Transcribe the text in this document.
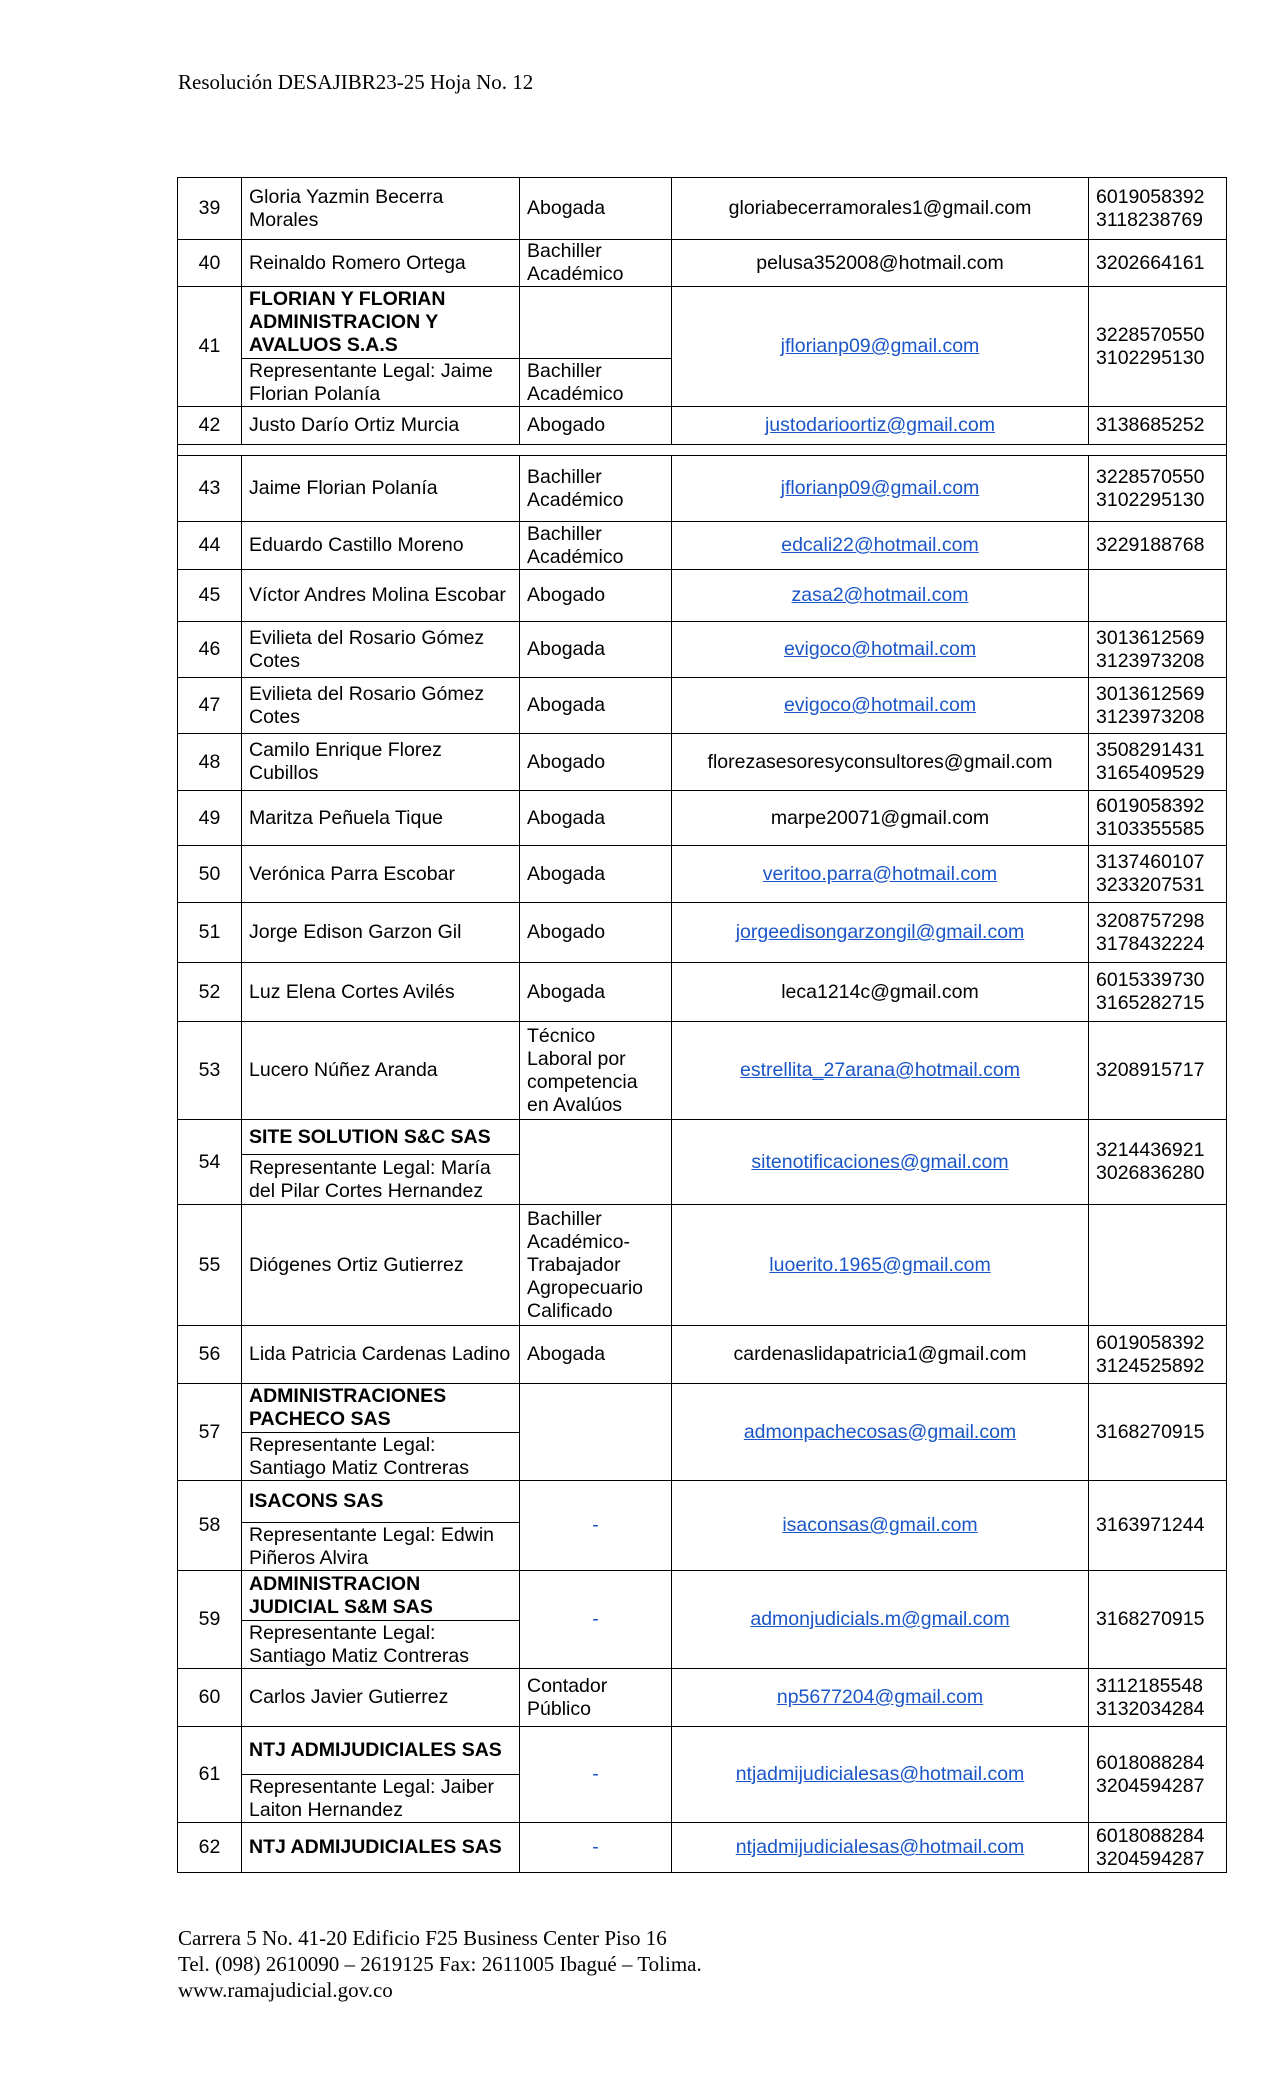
Resolución DESAJIBR23-25 Hoja No. 12
39	Gloria Yazmin Becerra Morales	Abogada	gloriabecerramorales1@gmail.com	6019058392
3118238769
40	Reinaldo Romero Ortega	Bachiller
Académico	pelusa352008@hotmail.com	3202664161
41	FLORIAN Y FLORIAN ADMINISTRACION Y AVALUOS S.A.S		jflorianp09@gmail.com	3228570550
3102295130
	Representante Legal: Jaime Florian Polanía	Bachiller
Académico		
42	Justo Darío Ortiz Murcia	Abogado	justodarioortiz@gmail.com	3138685252

43	Jaime Florian Polanía	Bachiller
Académico	jflorianp09@gmail.com	3228570550
3102295130
44	Eduardo Castillo Moreno	Bachiller
Académico	edcali22@hotmail.com	3229188768
45	Víctor Andres Molina Escobar	Abogado	zasa2@hotmail.com	
46	Evilieta del Rosario Gómez Cotes	Abogada	evigoco@hotmail.com	3013612569
3123973208
47	Evilieta del Rosario Gómez Cotes	Abogada	evigoco@hotmail.com	3013612569
3123973208
48	Camilo Enrique Florez Cubillos	Abogado	florezasesoresyconsultores@gmail.com	3508291431
3165409529
49	Maritza Peñuela Tique	Abogada	marpe20071@gmail.com	6019058392
3103355585
50	Verónica Parra Escobar	Abogada	veritoo.parra@hotmail.com	3137460107
3233207531
51	Jorge Edison Garzon Gil	Abogado	jorgeedisongarzongil@gmail.com	3208757298
3178432224
52	Luz Elena Cortes Avilés	Abogada	leca1214c@gmail.com	6015339730
3165282715
53	Lucero Núñez Aranda	Técnico
Laboral por
competencia
en Avalúos	estrellita_27arana@hotmail.com	3208915717
54	SITE SOLUTION S&C SAS		sitenotificaciones@gmail.com	3214436921
3026836280
	Representante Legal: María del Pilar Cortes Hernandez			
55	Diógenes Ortiz Gutierrez	Bachiller
Académico-
Trabajador
Agropecuario
Calificado	luoerito.1965@gmail.com	
56	Lida Patricia Cardenas Ladino	Abogada	cardenaslidapatricia1@gmail.com	6019058392
3124525892
57	ADMINISTRACIONES PACHECO SAS		admonpachecosas@gmail.com	3168270915
	Representante Legal: Santiago Matiz Contreras			
58	ISACONS SAS	-	isaconsas@gmail.com	3163971244
	Representante Legal: Edwin Piñeros Alvira			
59	ADMINISTRACION JUDICIAL S&M SAS	-	admonjudicials.m@gmail.com	3168270915
	Representante Legal: Santiago Matiz Contreras			
60	Carlos Javier Gutierrez	Contador
Público	np5677204@gmail.com	3112185548
3132034284
61	NTJ ADMIJUDICIALES SAS	-	ntjadmijudicialesas@hotmail.com	6018088284
3204594287
	Representante Legal: Jaiber Laiton Hernandez			
62	NTJ ADMIJUDICIALES SAS	-	ntjadmijudicialesas@hotmail.com	6018088284
3204594287
Carrera 5 No. 41-20 Edificio F25 Business Center Piso 16
Tel. (098) 2610090 – 2619125 Fax: 2611005 Ibagué – Tolima.
www.ramajudicial.gov.co
